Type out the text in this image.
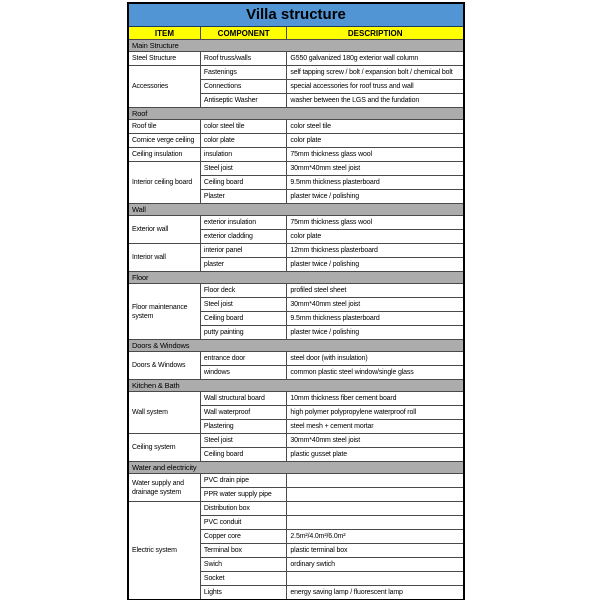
Villa structure		
ITEM	COMPONENT	DESCRIPTION
Main Structure		
Steel Structure	Roof truss/walls	G550 galvanized 180g exterior wall column
Accessories	Fastenings	self tapping screw / bolt / expansion bolt / chemical bolt
	Connections	special accessories for roof truss and wall
	Antiseptic Washer	washer between the LGS and the fundation
Roof		
Roof tile	color steel tile	color steel tile
Cornice verge ceiling	color plate	color plate
Ceiling insulation	insulation	75mm thickness glass wool
Interior ceiling board	Steel joist	30mm*40mm steel joist
	Ceiling board	9.5mm thickness plasterboard
	Plaster	plaster twice / polishing
Wall		
Exterior wall	exterior insulation	75mm thickness glass wool
	exterior cladding	color plate
Interior wall	interior panel	12mm thickness plasterboard
	plaster	plaster twice / polishing
Floor		
Floor maintenance system	Floor deck	profiled steel sheet
	Steel joist	30mm*40mm steel joist
	Ceiling board	9.5mm thickness plasterboard
	putty painting	plaster twice / polishing
Doors & Windows		
Doors & Windows	entrance door	steel door (with insulation)
	windows	common plastic steel window/single glass
Kitchen & Bath		
Wall system	Wall structural board	10mm thickness fiber cement board
	Wall waterproof	high polymer polypropylene waterproof roll
	Plastering	steel mesh + cement mortar
Ceiling system	Steel joist	30mm*40mm steel joist
	Ceiling board	plastic gusset plate
Water and electricity		
Water supply and drainage system	PVC drain pipe	
	PPR water supply pipe	
Electric system	Distribution box	
	PVC conduit	
	Copper core	2.5m²/4.0m²/6.0m²
	Terminal box	plastic terminal box
	Swich	ordinary swtich
	Socket	
	Lights	energy saving lamp / fluorescent lamp
